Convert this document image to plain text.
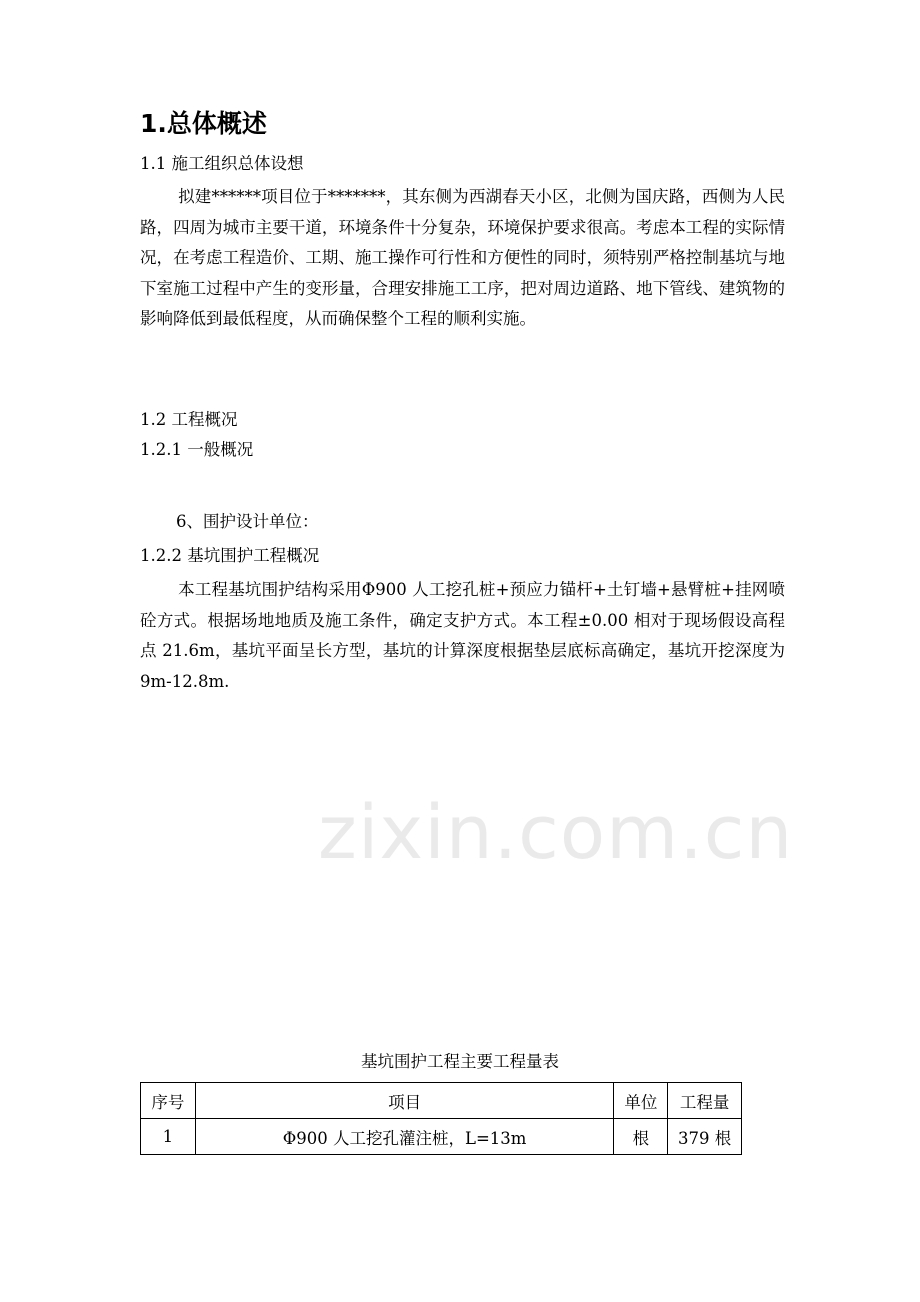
1.总体概述
1.1 施工组织总体设想
拟建******项目位于*******，其东侧为西湖春天小区，北侧为国庆路，西侧为人民路，四周为城市主要干道，环境条件十分复杂，环境保护要求很高。考虑本工程的实际情况，在考虑工程造价、工期、施工操作可行性和方便性的同时，须特别严格控制基坑与地下室施工过程中产生的变形量，合理安排施工工序，把对周边道路、地下管线、建筑物的影响降低到最低程度，从而确保整个工程的顺利实施。
1.2 工程概况
1.2.1 一般概况
6、围护设计单位：
1.2.2 基坑围护工程概况
本工程基坑围护结构采用Φ900 人工挖孔桩+预应力锚杆+土钉墙+悬臂桩+挂网喷砼方式。根据场地地质及施工条件，确定支护方式。本工程±0.00 相对于现场假设高程点 21.6m，基坑平面呈长方型，基坑的计算深度根据垫层底标高确定，基坑开挖深度为 9m-12.8m.
zixin.com.cn
基坑围护工程主要工程量表
序号	项目	单位	工程量
1	Φ900 人工挖孔灌注桩，L=13m	根	379 根
